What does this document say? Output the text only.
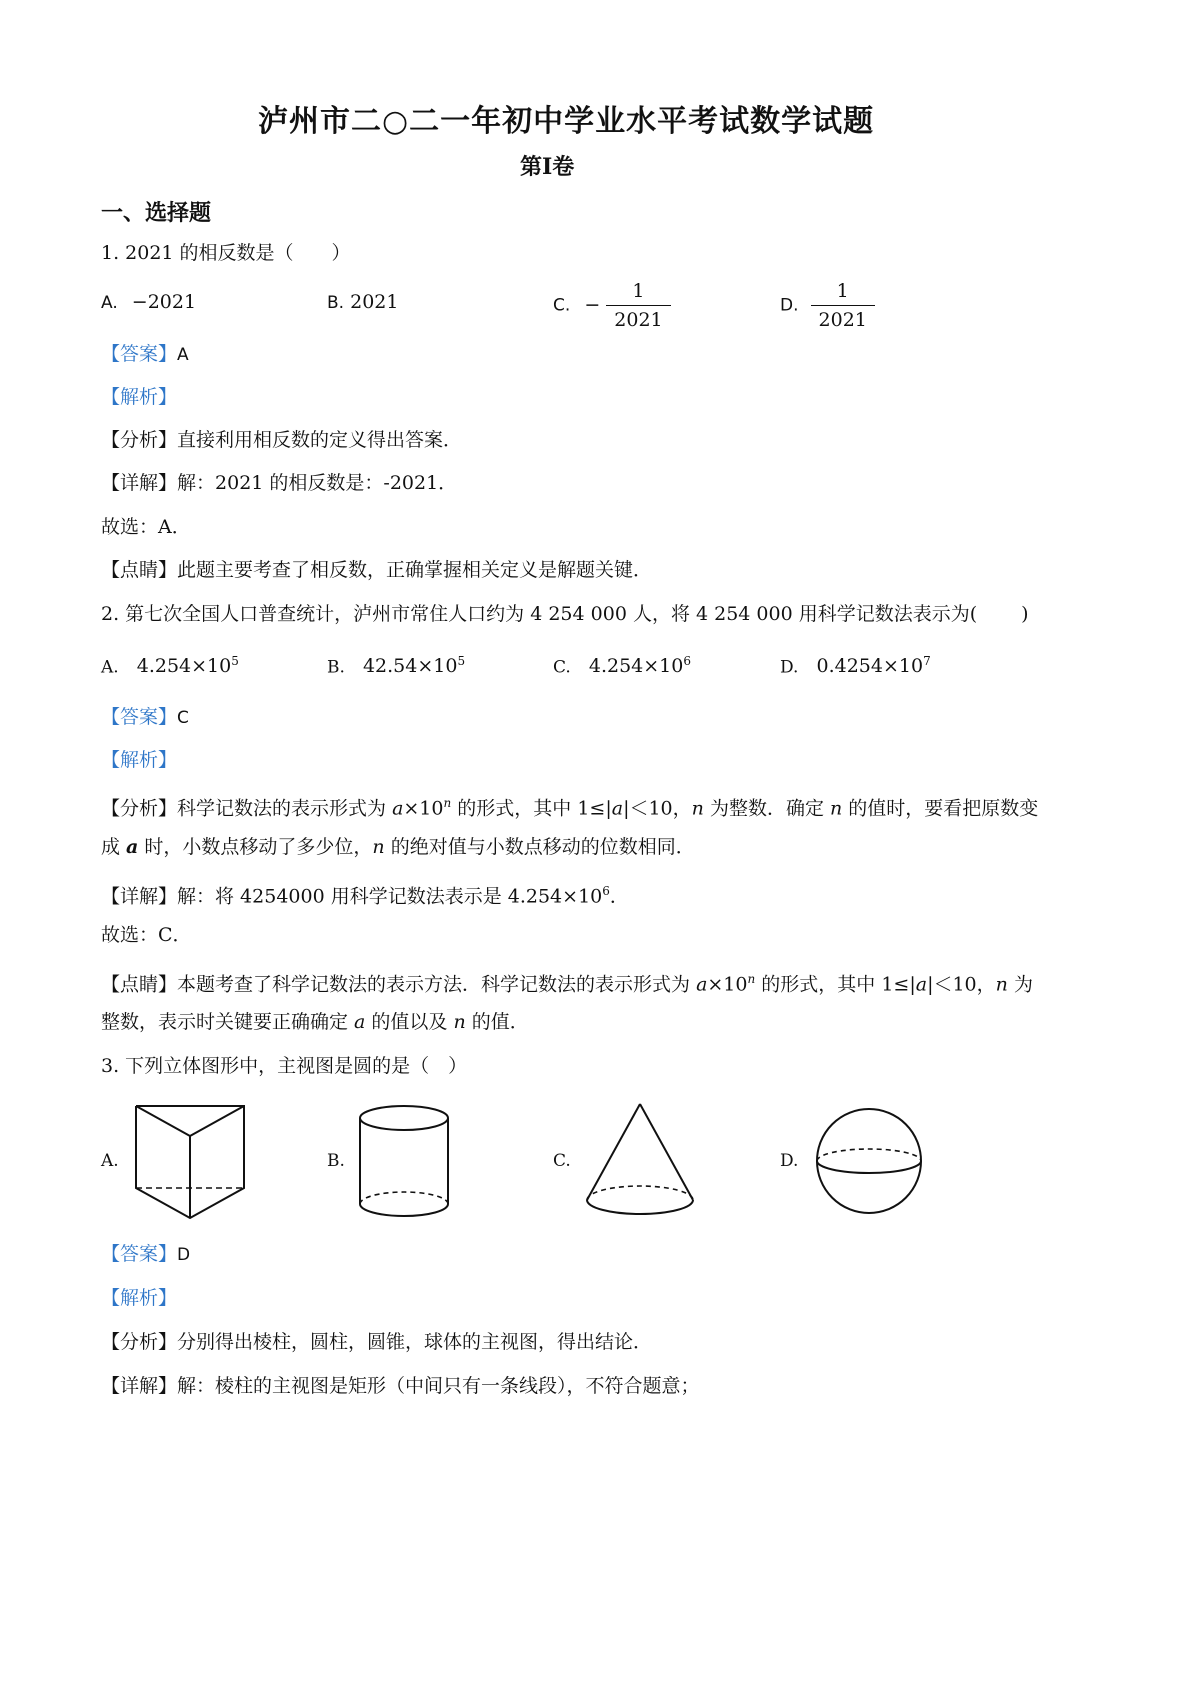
泸州市二○二一年初中学业水平考试数学试题
第Ⅰ卷
一、选择题
1. 2021 的相反数是（　　）
A. −2021	B. 2021	C. − $\frac{1}{2021}$	D. $\frac{1}{2021}$
【答案】A
【解析】
【分析】直接利用相反数的定义得出答案．
【详解】解：2021 的相反数是：-2021．
故选：A．
【点睛】此题主要考查了相反数，正确掌握相关定义是解题关键．
2. 第七次全国人口普查统计，泸州市常住人口约为 4 254 000 人，将 4 254 000 用科学记数法表示为(　　 )
A. $4.254\times 10^5$	B. $42.54\times 10^5$	C. $4.254\times 10^6$	D. $0.4254\times 10^7$
【答案】C
【解析】
【分析】科学记数法的表示形式为 $a\times 10^n$ 的形式，其中 1≤|a|＜10，n 为整数．确定 n 的值时，要看把原数变
成 a 时，小数点移动了多少位，n 的绝对值与小数点移动的位数相同．
【详解】解：将 4254000 用科学记数法表示是 $4.254\times 10^6$．
故选：C．
【点睛】本题考查了科学记数法的表示方法．科学记数法的表示形式为 $a\times 10^n$ 的形式，其中 1≤|a|＜10，n 为
整数，表示时关键要正确确定 a 的值以及 n 的值．
3. 下列立体图形中，主视图是圆的是（　）
A.	B.	C.	D.
【答案】D
【解析】
【分析】分别得出棱柱，圆柱，圆锥，球体的主视图，得出结论．
【详解】解：棱柱的主视图是矩形（中间只有一条线段），不符合题意；
